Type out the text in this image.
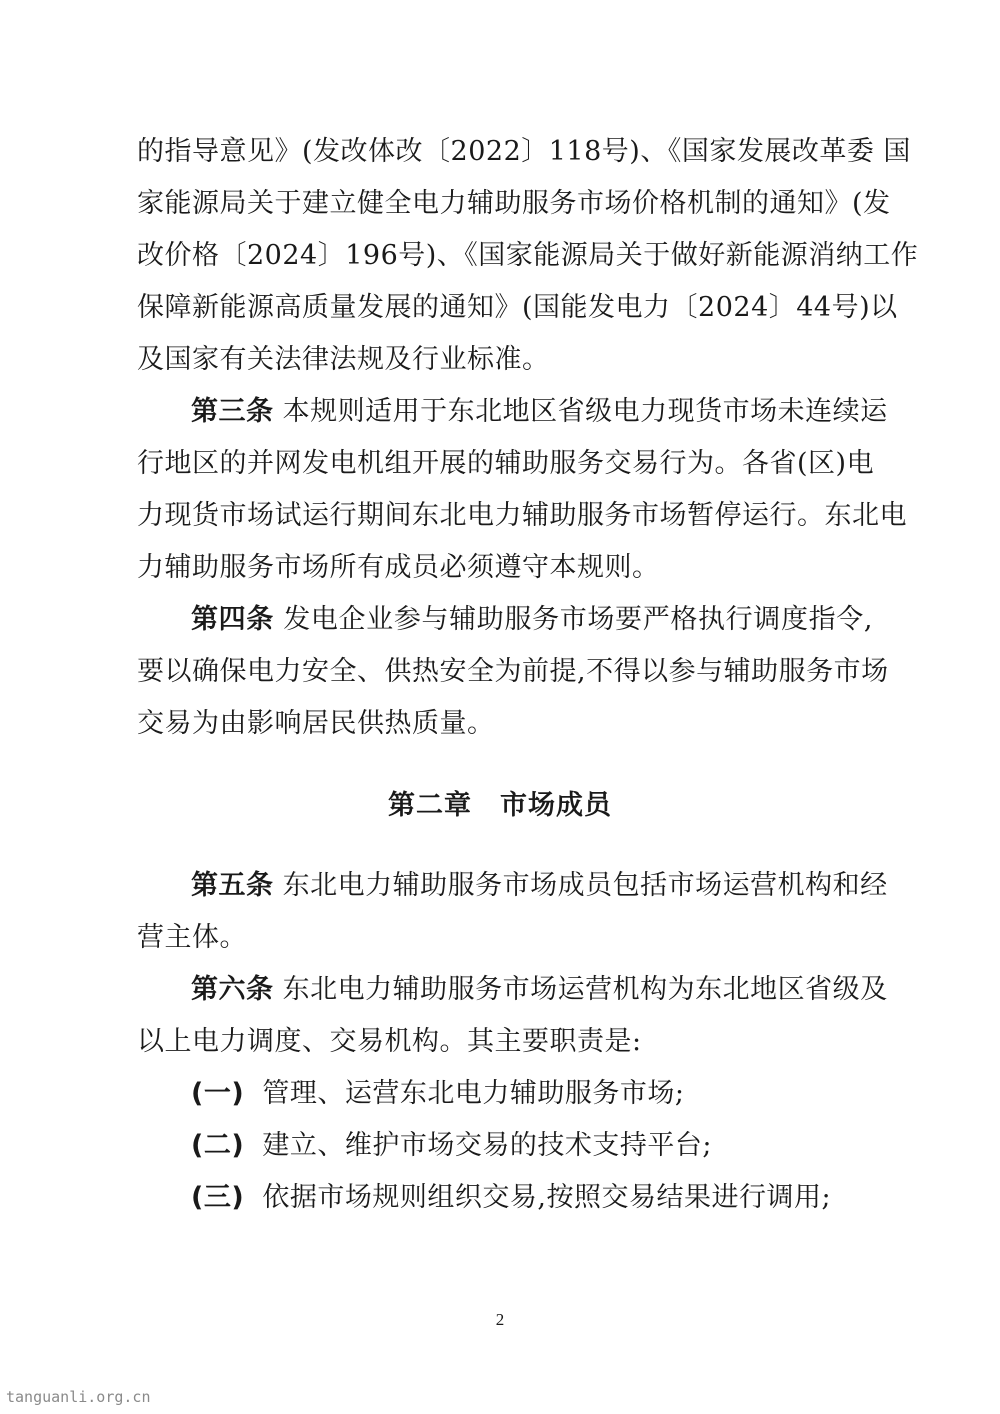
的指导意见》(发改体改〔2022〕118号)、《国家发展改革委 国
家能源局关于建立健全电力辅助服务市场价格机制的通知》(发
改价格〔2024〕196号)、《国家能源局关于做好新能源消纳工作
保障新能源高质量发展的通知》(国能发电力〔2024〕44号)以
及国家有关法律法规及行业标准。
第三条 本规则适用于东北地区省级电力现货市场未连续运
行地区的并网发电机组开展的辅助服务交易行为。各省(区)电
力现货市场试运行期间东北电力辅助服务市场暂停运行。东北电
力辅助服务市场所有成员必须遵守本规则。
第四条 发电企业参与辅助服务市场要严格执行调度指令,
要以确保电力安全、供热安全为前提,不得以参与辅助服务市场
交易为由影响居民供热质量。
第二章　市场成员
第五条 东北电力辅助服务市场成员包括市场运营机构和经
营主体。
第六条 东北电力辅助服务市场运营机构为东北地区省级及
以上电力调度、交易机构。其主要职责是:
(一) 管理、运营东北电力辅助服务市场;
(二) 建立、维护市场交易的技术支持平台;
(三) 依据市场规则组织交易,按照交易结果进行调用;
2
tanguanli.org.cn
